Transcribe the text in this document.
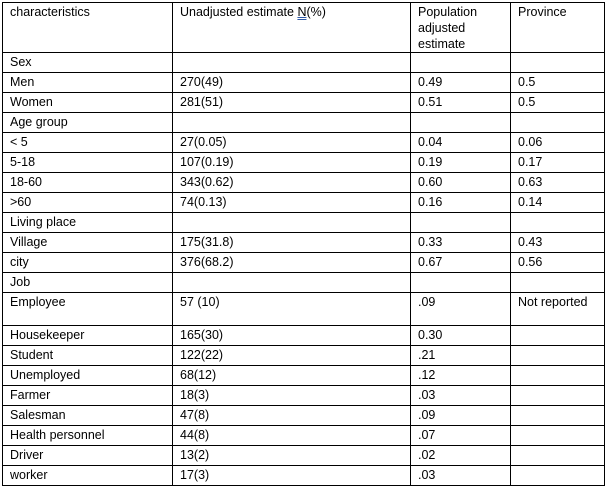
characteristics	Unadjusted estimate N(%)	Population adjusted estimate	Province
Sex			
Men	270(49)	0.49	0.5
Women	281(51)	0.51	0.5
Age group			
< 5	27(0.05)	0.04	0.06
5-18	107(0.19)	0.19	0.17
18-60	343(0.62)	0.60	0.63
>60	74(0.13)	0.16	0.14
Living place			
Village	175(31.8)	0.33	0.43
city	376(68.2)	0.67	0.56
Job			
Employee	57 (10)	.09	Not reported
Housekeeper	165(30)	0.30	
Student	122(22)	.21	
Unemployed	68(12)	.12	
Farmer	18(3)	.03	
Salesman	47(8)	.09	
Health personnel	44(8)	.07	
Driver	13(2)	.02	
worker	17(3)	.03	
